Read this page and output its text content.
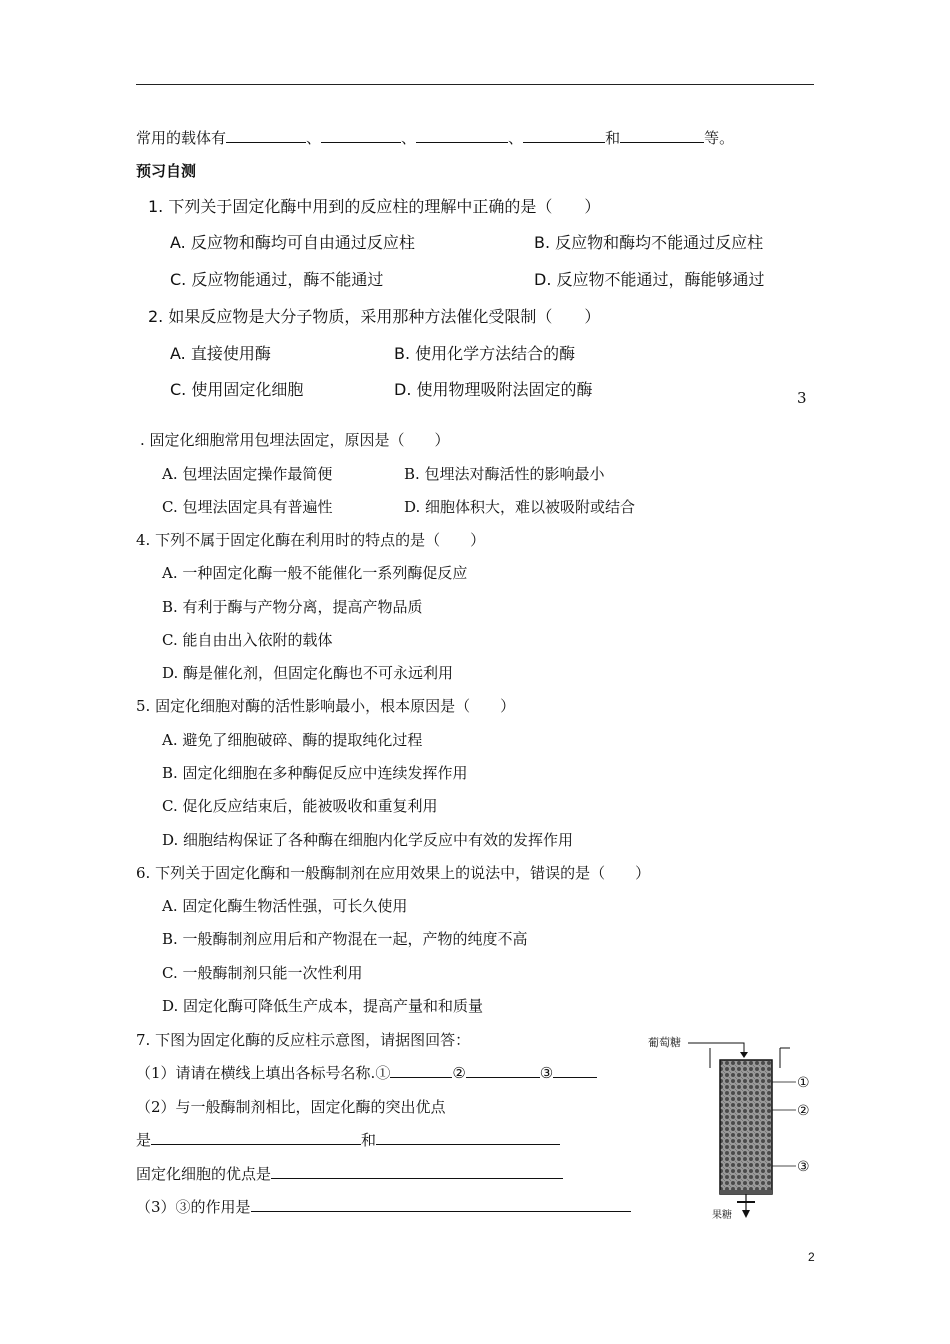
常用的载体有	、	、	、	和	等。
预习自测
1. 下列关于固定化酶中用到的反应柱的理解中正确的是（　　）
A. 反应物和酶均可自由通过反应柱	B. 反应物和酶均不能通过反应柱
C. 反应物能通过，酶不能通过	D. 反应物不能通过，酶能够通过
2. 如果反应物是大分子物质，采用那种方法催化受限制（　　）
A. 直接使用酶	B. 使用化学方法结合的酶
C. 使用固定化细胞	D. 使用物理吸附法固定的酶	3
. 固定化细胞常用包埋法固定，原因是（　　）
A. 包埋法固定操作最简便	B. 包埋法对酶活性的影响最小
C. 包埋法固定具有普遍性	D. 细胞体积大，难以被吸附或结合
4. 下列不属于固定化酶在利用时的特点的是（　　）
A. 一种固定化酶一般不能催化一系列酶促反应
B. 有利于酶与产物分离，提高产物品质
C. 能自由出入依附的载体
D. 酶是催化剂，但固定化酶也不可永远利用
5. 固定化细胞对酶的活性影响最小，根本原因是（　　）
A. 避免了细胞破碎、酶的提取纯化过程
B. 固定化细胞在多种酶促反应中连续发挥作用
C. 促化反应结束后，能被吸收和重复利用
D. 细胞结构保证了各种酶在细胞内化学反应中有效的发挥作用
6. 下列关于固定化酶和一般酶制剂在应用效果上的说法中，错误的是（　　）
A. 固定化酶生物活性强，可长久使用
B. 一般酶制剂应用后和产物混在一起，产物的纯度不高
C. 一般酶制剂只能一次性利用
D. 固定化酶可降低生产成本，提高产量和和质量
7. 下图为固定化酶的反应柱示意图，请据图回答：
（1）请请在横线上填出各标号名称.①	②	③
（2）与一般酶制剂相比，固定化酶的突出优点
是	和
固定化细胞的优点是
（3）③的作用是
葡萄糖
果糖
①
②
③
2
